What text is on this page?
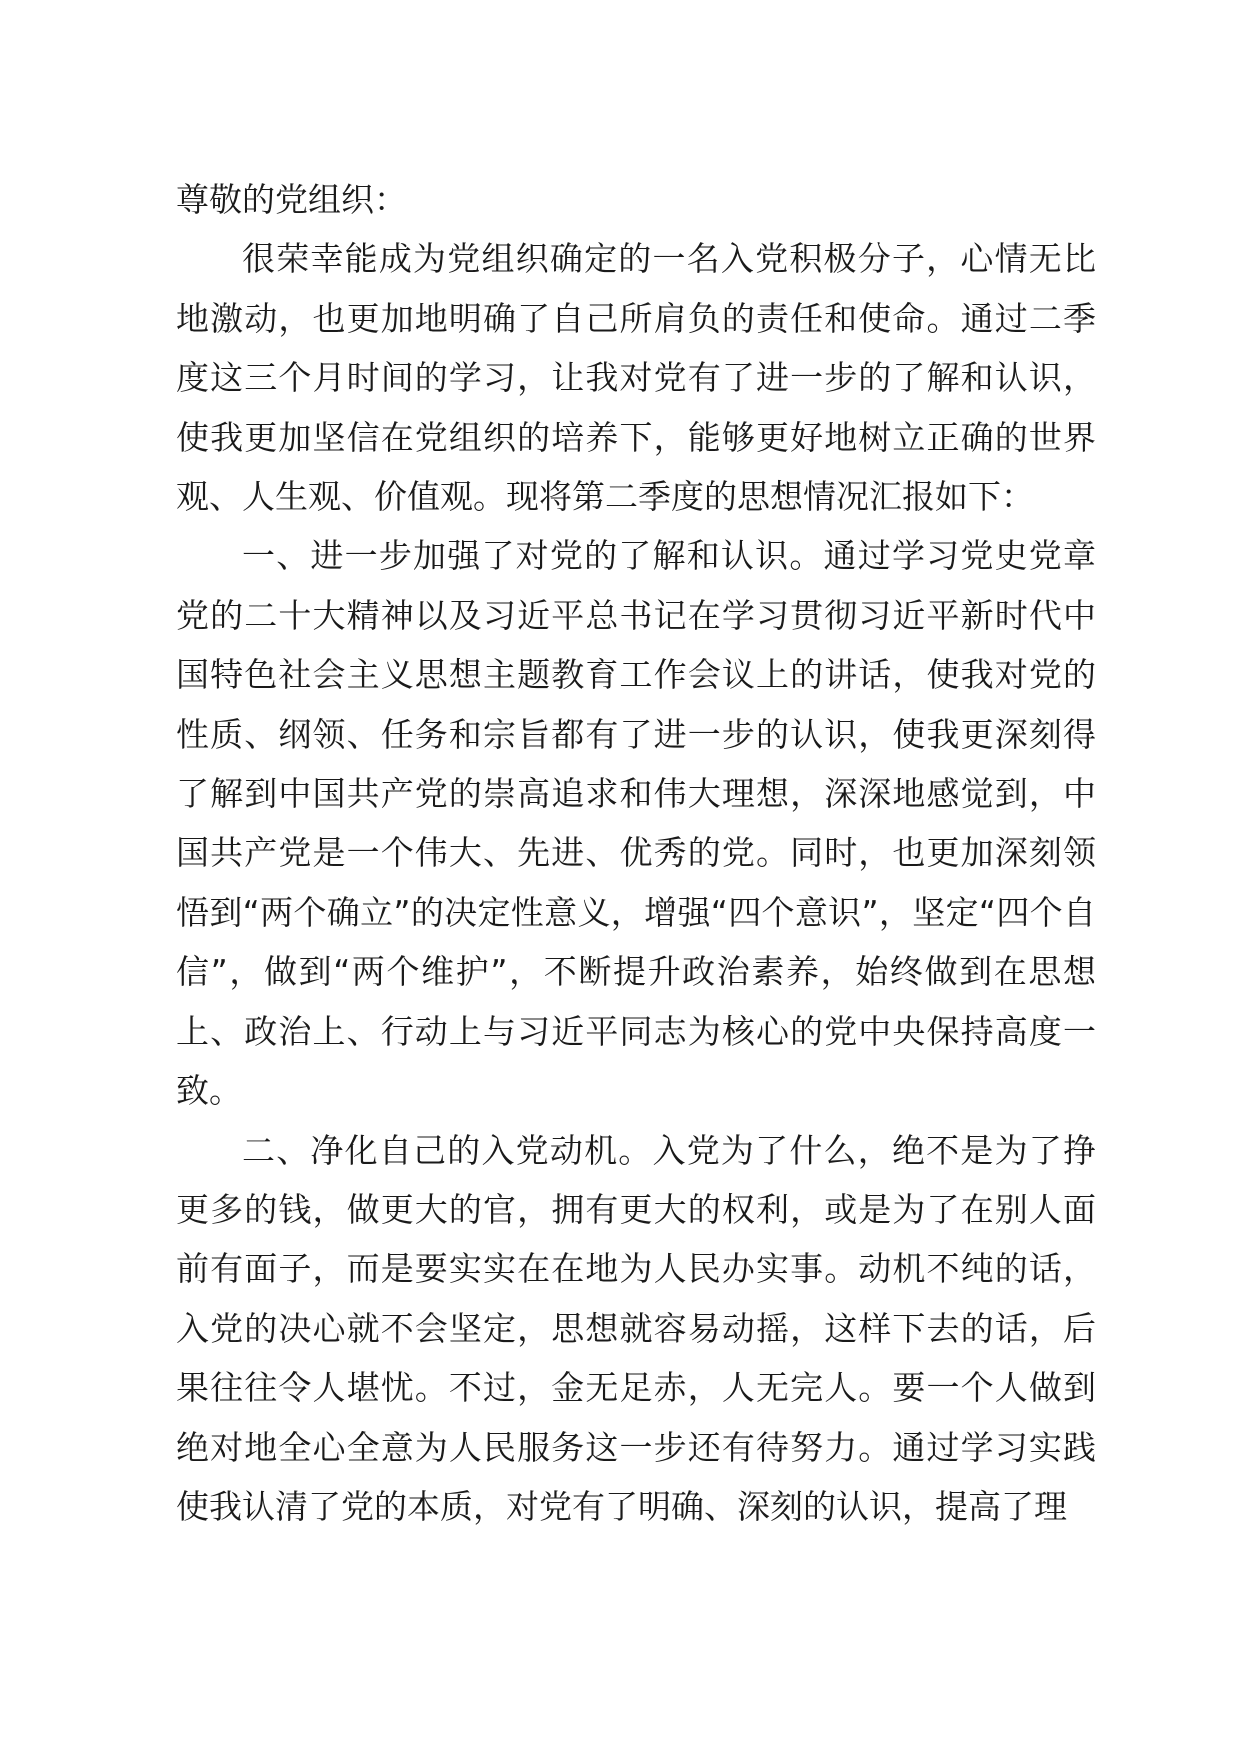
尊敬的党组织：

很荣幸能成为党组织确定的一名入党积极分子，心情无比地激动，也更加地明确了自己所肩负的责任和使命。通过二季度这三个月时间的学习，让我对党有了进一步的了解和认识，使我更加坚信在党组织的培养下，能够更好地树立正确的世界观、人生观、价值观。现将第二季度的思想情况汇报如下：

一、进一步加强了对党的了解和认识。通过学习党史党章党的二十大精神以及习近平总书记在学习贯彻习近平新时代中国特色社会主义思想主题教育工作会议上的讲话，使我对党的性质、纲领、任务和宗旨都有了进一步的认识，使我更深刻得了解到中国共产党的崇高追求和伟大理想，深深地感觉到，中国共产党是一个伟大、先进、优秀的党。同时，也更加深刻领悟到“两个确立”的决定性意义，增强“四个意识”，坚定“四个自信”，做到“两个维护”，不断提升政治素养，始终做到在思想上、政治上、行动上与习近平同志为核心的党中央保持高度一致。

二、净化自己的入党动机。入党为了什么，绝不是为了挣更多的钱，做更大的官，拥有更大的权利，或是为了在别人面前有面子，而是要实实在在地为人民办实事。动机不纯的话，入党的决心就不会坚定，思想就容易动摇，这样下去的话，后果往往令人堪忧。不过，金无足赤，人无完人。要一个人做到绝对地全心全意为人民服务这一步还有待努力。通过学习实践使我认清了党的本质，对党有了明确、深刻的认识，提高了理
